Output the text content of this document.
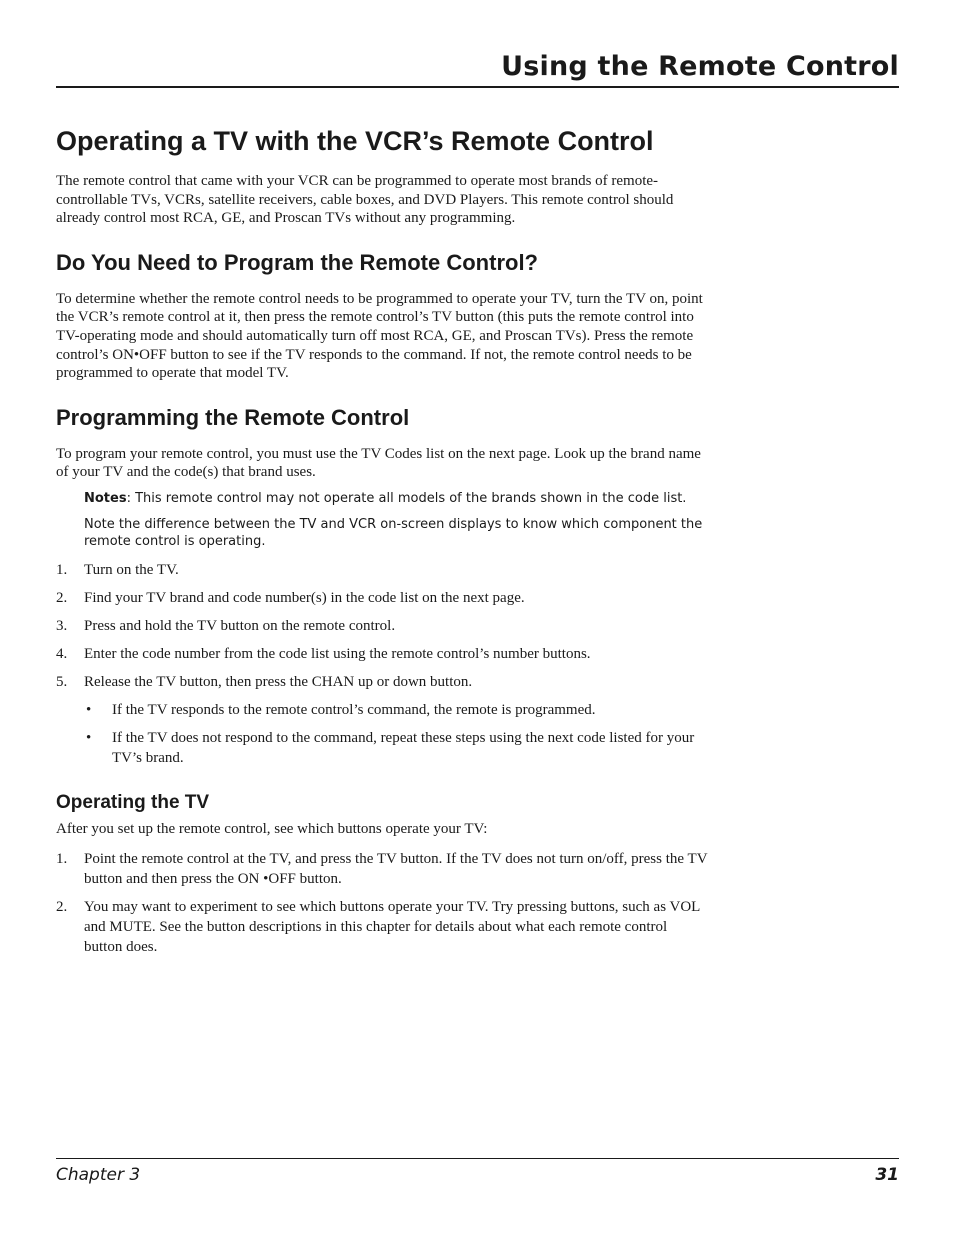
Using the Remote Control
Operating a TV with the VCR’s Remote Control

The remote control that came with your VCR can be programmed to operate most brands of remote-controllable TVs, VCRs, satellite receivers, cable boxes, and DVD Players. This remote control should already control most RCA, GE, and Proscan TVs without any programming.

Do You Need to Program the Remote Control?

To determine whether the remote control needs to be programmed to operate your TV, turn the TV on, point the VCR’s remote control at it, then press the remote control’s TV button (this puts the remote control into TV-operating mode and should automatically turn off most RCA, GE, and Proscan TVs). Press the remote control’s ON•OFF button to see if the TV responds to the command. If not, the remote control needs to be programmed to operate that model TV.

Programming the Remote Control

To program your remote control, you must use the TV Codes list on the next page. Look up the brand name of your TV and the code(s) that brand uses.

Notes: This remote control may not operate all models of the brands shown in the code list.

Note the difference between the TV and VCR on-screen displays to know which component the remote control is operating.

1. Turn on the TV.
2. Find your TV brand and code number(s) in the code list on the next page.
3. Press and hold the TV button on the remote control.
4. Enter the code number from the code list using the remote control’s number buttons.
5. Release the TV button, then press the CHAN up or down button.
• If the TV responds to the remote control’s command, the remote is programmed.
• If the TV does not respond to the command, repeat these steps using the next code listed for your TV’s brand.
Operating the TV

After you set up the remote control, see which buttons operate your TV:

1. Point the remote control at the TV, and press the TV button. If the TV does not turn on/off, press the TV button and then press the ON •OFF button.
2. You may want to experiment to see which buttons operate your TV. Try pressing buttons, such as VOL and MUTE. See the button descriptions in this chapter for details about what each remote control button does.
Chapter 3	31
